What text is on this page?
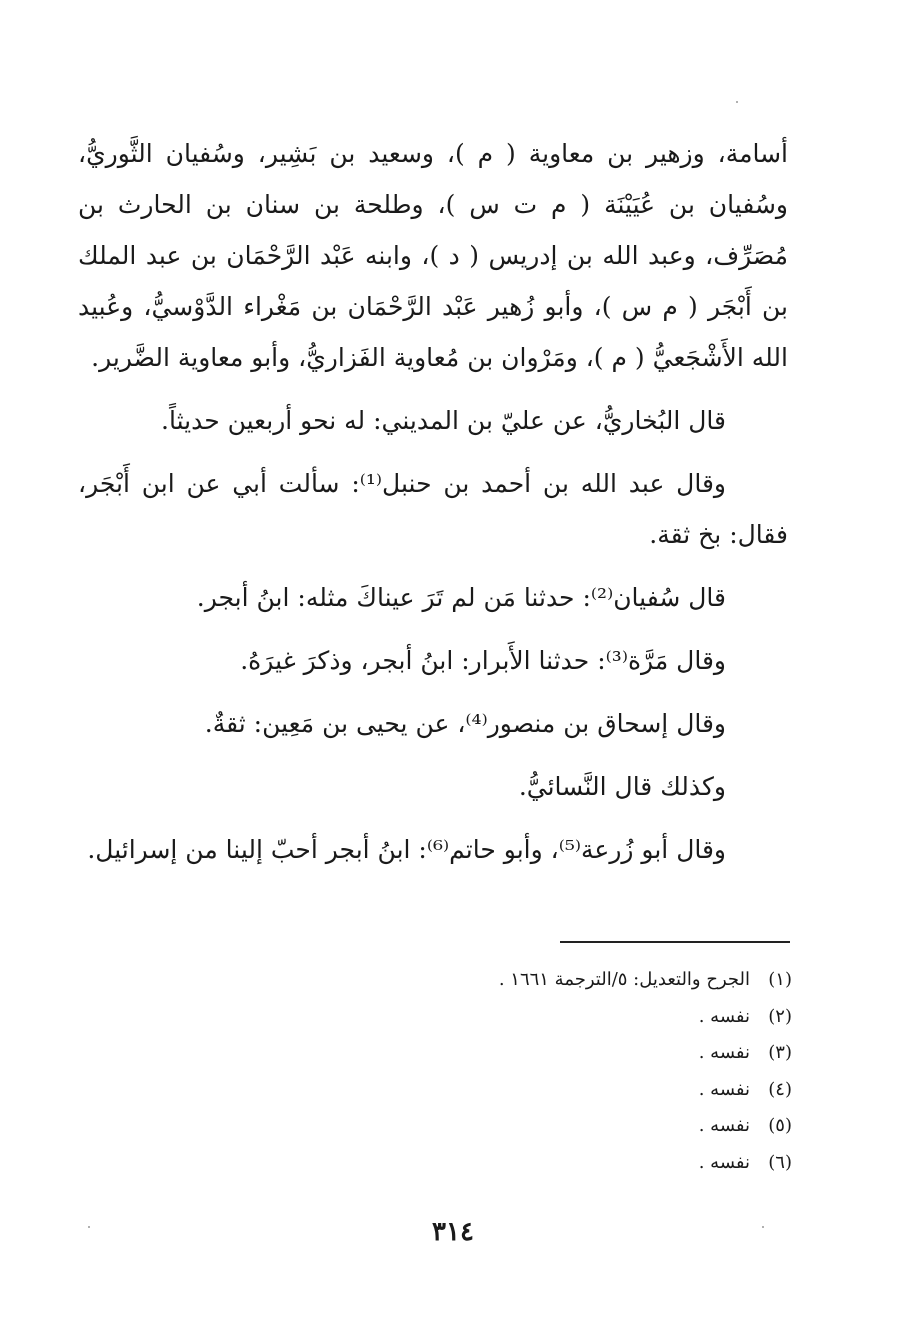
أسامة، وزهير بن معاوية ( م )، وسعيد بن بَشِير، وسُفيان الثَّوريُّ، وسُفيان بن عُيَيْنَة ( م ت س )، وطلحة بن سنان بن الحارث بن مُصَرِّف، وعبد الله بن إدريس ( د )، وابنه عَبْد الرَّحْمَان بن عبد الملك بن أَبْجَر ( م س )، وأبو زُهير عَبْد الرَّحْمَان بن مَغْراء الدَّوْسيُّ، وعُبيد الله الأَشْجَعيُّ ( م )، ومَرْوان بن مُعاوية الفَزاريُّ، وأبو معاوية الضَّرير.

قال البُخاريُّ، عن عليّ بن المديني: له نحو أربعين حديثاً.

وقال عبد الله بن أحمد بن حنبل⁽¹⁾: سألت أبي عن ابن أَبْجَر، فقال: بخ ثقة.

قال سُفيان⁽²⁾: حدثنا مَن لم تَرَ عيناكَ مثله: ابنُ أبجر.

وقال مَرَّة⁽³⁾: حدثنا الأَبرار: ابنُ أبجر، وذكرَ غيرَهُ.

وقال إسحاق بن منصور⁽⁴⁾، عن يحيى بن مَعِين: ثقةٌ.

وكذلك قال النَّسائيُّ.

وقال أبو زُرعة⁽⁵⁾، وأبو حاتم⁽⁶⁾: ابنُ أبجر أحبّ إلينا من إسرائيل.

(١)الجرح والتعديل: ٥/الترجمة ١٦٦١ .
(٢)نفسه .
(٣)نفسه .
(٤)نفسه .
(٥)نفسه .
(٦)نفسه .
٣١٤
